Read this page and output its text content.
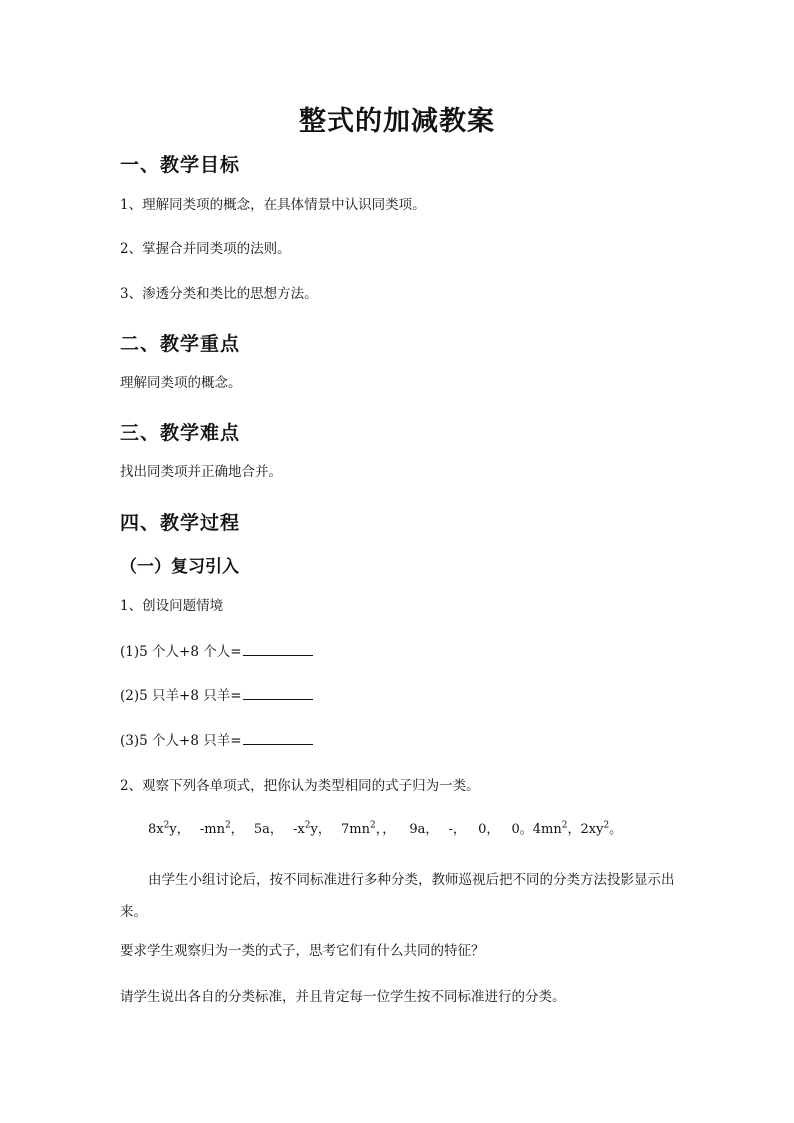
整式的加减教案
一、教学目标
1、理解同类项的概念，在具体情景中认识同类项。
2、掌握合并同类项的法则。
3、渗透分类和类比的思想方法。
二、教学重点
理解同类项的概念。
三、教学难点
找出同类项并正确地合并。
四、教学过程
（一）复习引入
1、创设问题情境
(1)5 个人+8 个人=
(2)5 只羊+8 只羊=
(3)5 个人+8 只羊=
2、观察下列各单项式，把你认为类型相同的式子归为一类。
$8x^2y$， $-mn^2$， 5a， $-x^2y$， $7mn^2$，， 9a， -， 0， 0。$4mn^2$，$2xy^2$。
由学生小组讨论后，按不同标准进行多种分类，教师巡视后把不同的分类方法投影显示出来。
要求学生观察归为一类的式子，思考它们有什么共同的特征？
请学生说出各自的分类标准，并且肯定每一位学生按不同标准进行的分类。
